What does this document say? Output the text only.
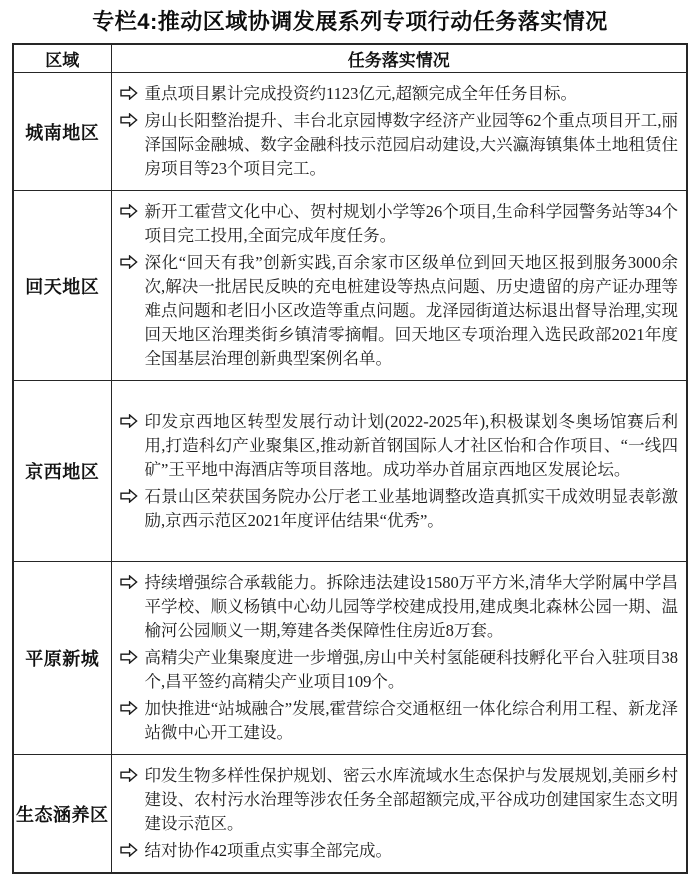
专栏4:推动区域协调发展系列专项行动任务落实情况
区域	任务落实情况
城南地区	重点项目累计完成投资约1123亿元,超额完成全年任务目标。

房山长阳整治提升、丰台北京园博数字经济产业园等62个重点项目开工,丽泽国际金融城、数字金融科技示范园启动建设,大兴瀛海镇集体土地租赁住房项目等23个项目完工。

回天地区	新开工霍营文化中心、贺村规划小学等26个项目,生命科学园警务站等34个项目完工投用,全面完成年度任务。

深化“回天有我”创新实践,百余家市区级单位到回天地区报到服务3000余次,解决一批居民反映的充电桩建设等热点问题、历史遗留的房产证办理等难点问题和老旧小区改造等重点问题。龙泽园街道达标退出督导治理,实现回天地区治理类街乡镇清零摘帽。回天地区专项治理入选民政部2021年度全国基层治理创新典型案例名单。

京西地区	印发京西地区转型发展行动计划(2022-2025年),积极谋划冬奥场馆赛后利用,打造科幻产业聚集区,推动新首钢国际人才社区怡和合作项目、“一线四矿”王平地中海酒店等项目落地。成功举办首届京西地区发展论坛。

石景山区荣获国务院办公厅老工业基地调整改造真抓实干成效明显表彰激励,京西示范区2021年度评估结果“优秀”。

平原新城	持续增强综合承载能力。拆除违法建设1580万平方米,清华大学附属中学昌平学校、顺义杨镇中心幼儿园等学校建成投用,建成奥北森林公园一期、温榆河公园顺义一期,筹建各类保障性住房近8万套。

高精尖产业集聚度进一步增强,房山中关村氢能硬科技孵化平台入驻项目38个,昌平签约高精尖产业项目109个。

加快推进“站城融合”发展,霍营综合交通枢纽一体化综合利用工程、新龙泽站微中心开工建设。

生态涵养区	印发生物多样性保护规划、密云水库流域水生态保护与发展规划,美丽乡村建设、农村污水治理等涉农任务全部超额完成,平谷成功创建国家生态文明建设示范区。

结对协作42项重点实事全部完成。
